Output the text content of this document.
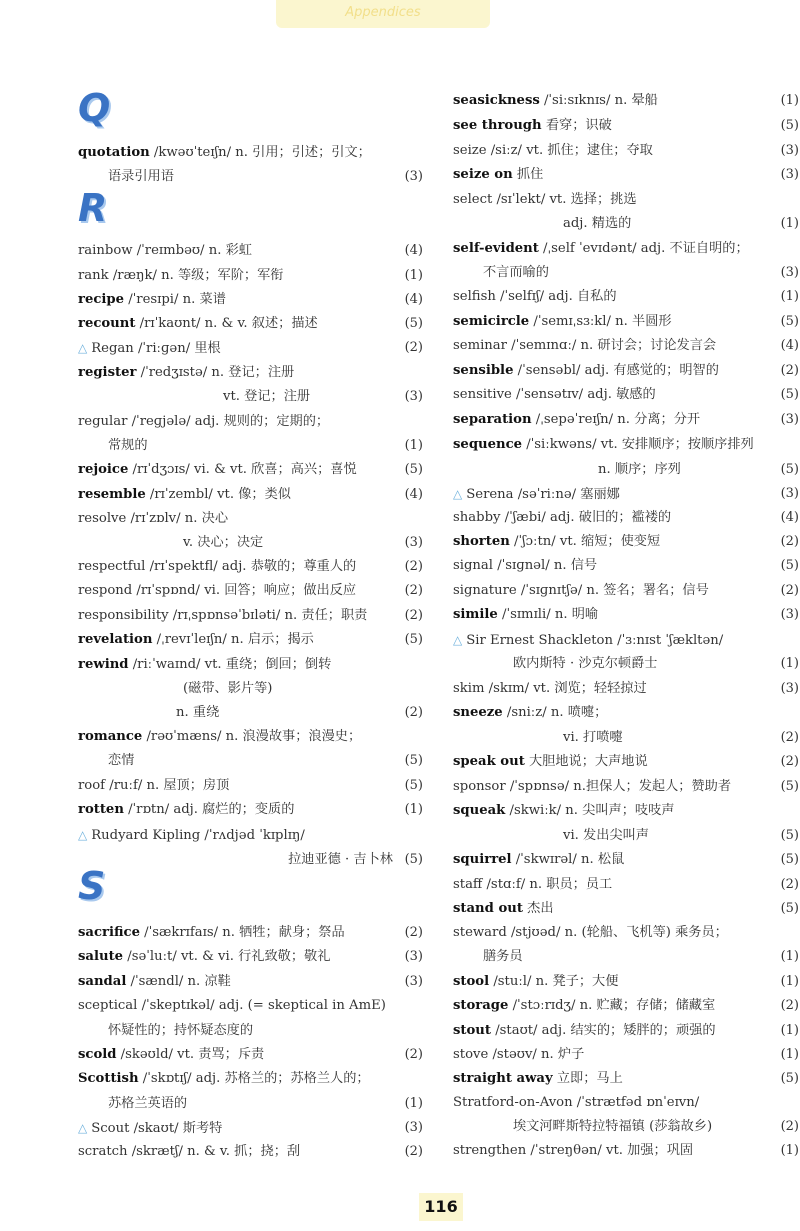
Appendices
Q
R
S
quotation /kwəʊˈteɪʃn/ n. 引用；引述；引文；
语录引用语	(3)
rainbow /ˈreɪmbəʊ/ n. 彩虹	(4)
rank /ræŋk/ n. 等级；军阶；军衔	(1)
recipe /ˈresɪpi/ n. 菜谱	(4)
recount /rɪˈkaʊnt/ n. & v. 叙述；描述	(5)
△ Regan /ˈriːɡən/ 里根	(2)
register /ˈredʒɪstə/ n. 登记；注册
vt. 登记；注册	(3)
regular /ˈreɡjələ/ adj. 规则的；定期的；
常规的	(1)
rejoice /rɪˈdʒɔɪs/ vi. & vt. 欣喜；高兴；喜悦	(5)
resemble /rɪˈzembl/ vt. 像；类似	(4)
resolve /rɪˈzɒlv/ n. 决心
v. 决心；决定	(3)
respectful /rɪˈspektfl/ adj. 恭敬的；尊重人的	(2)
respond /rɪˈspɒnd/ vi. 回答；响应；做出反应	(2)
responsibility /rɪˌspɒnsəˈbɪləti/ n. 责任；职责	(2)
revelation /ˌrevɪˈleɪʃn/ n. 启示；揭示	(5)
rewind /riːˈwaɪnd/ vt. 重绕；倒回；倒转
(磁带、影片等)
n. 重绕	(2)
romance /rəʊˈmæns/ n. 浪漫故事；浪漫史；
恋情	(5)
roof /ruːf/ n. 屋顶；房顶	(5)
rotten /ˈrɒtn/ adj. 腐烂的；变质的	(1)
△ Rudyard Kipling /ˈrʌdjəd ˈkɪplɪŋ/
拉迪亚德 · 吉卜林 (5)
sacrifice /ˈsækrɪfaɪs/ n. 牺牲；献身；祭品	(2)
salute /səˈluːt/ vt. & vi. 行礼致敬；敬礼	(3)
sandal /ˈsændl/ n. 凉鞋	(3)
sceptical /ˈskeptɪkəl/ adj. (= skeptical in AmE)
怀疑性的；持怀疑态度的
scold /skəʊld/ vt. 责骂；斥责	(2)
Scottish /ˈskɒtɪʃ/ adj. 苏格兰的；苏格兰人的；
苏格兰英语的	(1)
△ Scout /skaʊt/ 斯考特	(3)
scratch /skrætʃ/ n. & v. 抓；挠；刮	(2)
seasickness /ˈsiːsɪknɪs/ n. 晕船	(1)
see through 看穿；识破	(5)
seize /siːz/ vt. 抓住；逮住；夺取	(3)
seize on 抓住	(3)
select /sɪˈlekt/ vt. 选择；挑选
adj. 精选的	(1)
self-evident /ˌself ˈevɪdənt/ adj. 不证自明的；
不言而喻的	(3)
selfish /ˈselfɪʃ/ adj. 自私的	(1)
semicircle /ˈsemɪˌsɜːkl/ n. 半圆形	(5)
seminar /ˈsemɪnɑː/ n. 研讨会；讨论发言会	(4)
sensible /ˈsensəbl/ adj. 有感觉的；明智的	(2)
sensitive /ˈsensətɪv/ adj. 敏感的	(5)
separation /ˌsepəˈreɪʃn/ n. 分离；分开	(3)
sequence /ˈsiːkwəns/ vt. 安排顺序；按顺序排列
n. 顺序；序列	(5)
△ Serena /səˈriːnə/ 塞丽娜	(3)
shabby /ˈʃæbi/ adj. 破旧的；褴褛的	(4)
shorten /ˈʃɔːtn/ vt. 缩短；使变短	(2)
signal /ˈsɪɡnəl/ n. 信号	(5)
signature /ˈsɪɡnɪtʃə/ n. 签名；署名；信号	(2)
simile /ˈsɪmɪli/ n. 明喻	(3)
△ Sir Ernest Shackleton /ˈɜːnɪst ˈʃækltən/
欧内斯特 · 沙克尔顿爵士	(1)
skim /skɪm/ vt. 浏览；轻轻掠过	(3)
sneeze /sniːz/ n. 喷嚏；
vi. 打喷嚏	(2)
speak out 大胆地说；大声地说	(2)
sponsor /ˈspɒnsə/ n.担保人；发起人；赞助者	(5)
squeak /skwiːk/ n. 尖叫声；吱吱声
vi. 发出尖叫声	(5)
squirrel /ˈskwɪrəl/ n. 松鼠	(5)
staff /stɑːf/ n. 职员；员工	(2)
stand out 杰出	(5)
steward /stjʊəd/ n. (轮船、飞机等) 乘务员；
膳务员	(1)
stool /stuːl/ n. 凳子；大便	(1)
storage /ˈstɔːrɪdʒ/ n. 贮藏；存储；储藏室	(2)
stout /staʊt/ adj. 结实的；矮胖的；顽强的	(1)
stove /stəʊv/ n. 炉子	(1)
straight away 立即；马上	(5)
Stratford-on-Avon /ˈstrætfəd ɒnˈeɪvn/
埃文河畔斯特拉特福镇 (莎翁故乡)	(2)
strengthen /ˈstreŋθən/ vt. 加强；巩固	(1)
116
